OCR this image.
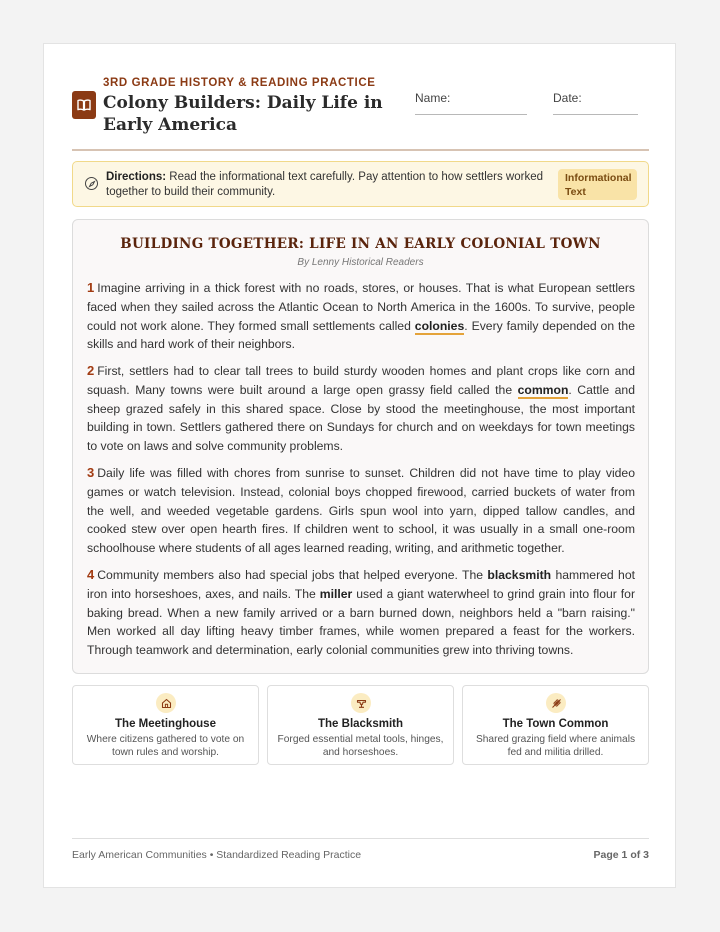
3RD GRADE HISTORY & READING PRACTICE
Colony Builders: Daily Life in Early America
Name:	Date:
Directions: Read the informational text carefully. Pay attention to how settlers worked together to build their community.
Informational Text
BUILDING TOGETHER: LIFE IN AN EARLY COLONIAL TOWN
By Lenny Historical Readers
1 Imagine arriving in a thick forest with no roads, stores, or houses. That is what European settlers faced when they sailed across the Atlantic Ocean to North America in the 1600s. To survive, people could not work alone. They formed small settlements called colonies. Every family depended on the skills and hard work of their neighbors.
2 First, settlers had to clear tall trees to build sturdy wooden homes and plant crops like corn and squash. Many towns were built around a large open grassy field called the common. Cattle and sheep grazed safely in this shared space. Close by stood the meetinghouse, the most important building in town. Settlers gathered there on Sundays for church and on weekdays for town meetings to vote on laws and solve community problems.
3 Daily life was filled with chores from sunrise to sunset. Children did not have time to play video games or watch television. Instead, colonial boys chopped firewood, carried buckets of water from the well, and weeded vegetable gardens. Girls spun wool into yarn, dipped tallow candles, and cooked stew over open hearth fires. If children went to school, it was usually in a small one-room schoolhouse where students of all ages learned reading, writing, and arithmetic together.
4 Community members also had special jobs that helped everyone. The blacksmith hammered hot iron into horseshoes, axes, and nails. The miller used a giant waterwheel to grind grain into flour for baking bread. When a new family arrived or a barn burned down, neighbors held a "barn raising." Men worked all day lifting heavy timber frames, while women prepared a feast for the workers. Through teamwork and determination, early colonial communities grew into thriving towns.
The Meetinghouse
Where citizens gathered to vote on town rules and worship.
The Blacksmith
Forged essential metal tools, hinges, and horseshoes.
The Town Common
Shared grazing field where animals fed and militia drilled.
Early American Communities • Standardized Reading Practice	Page 1 of 3
